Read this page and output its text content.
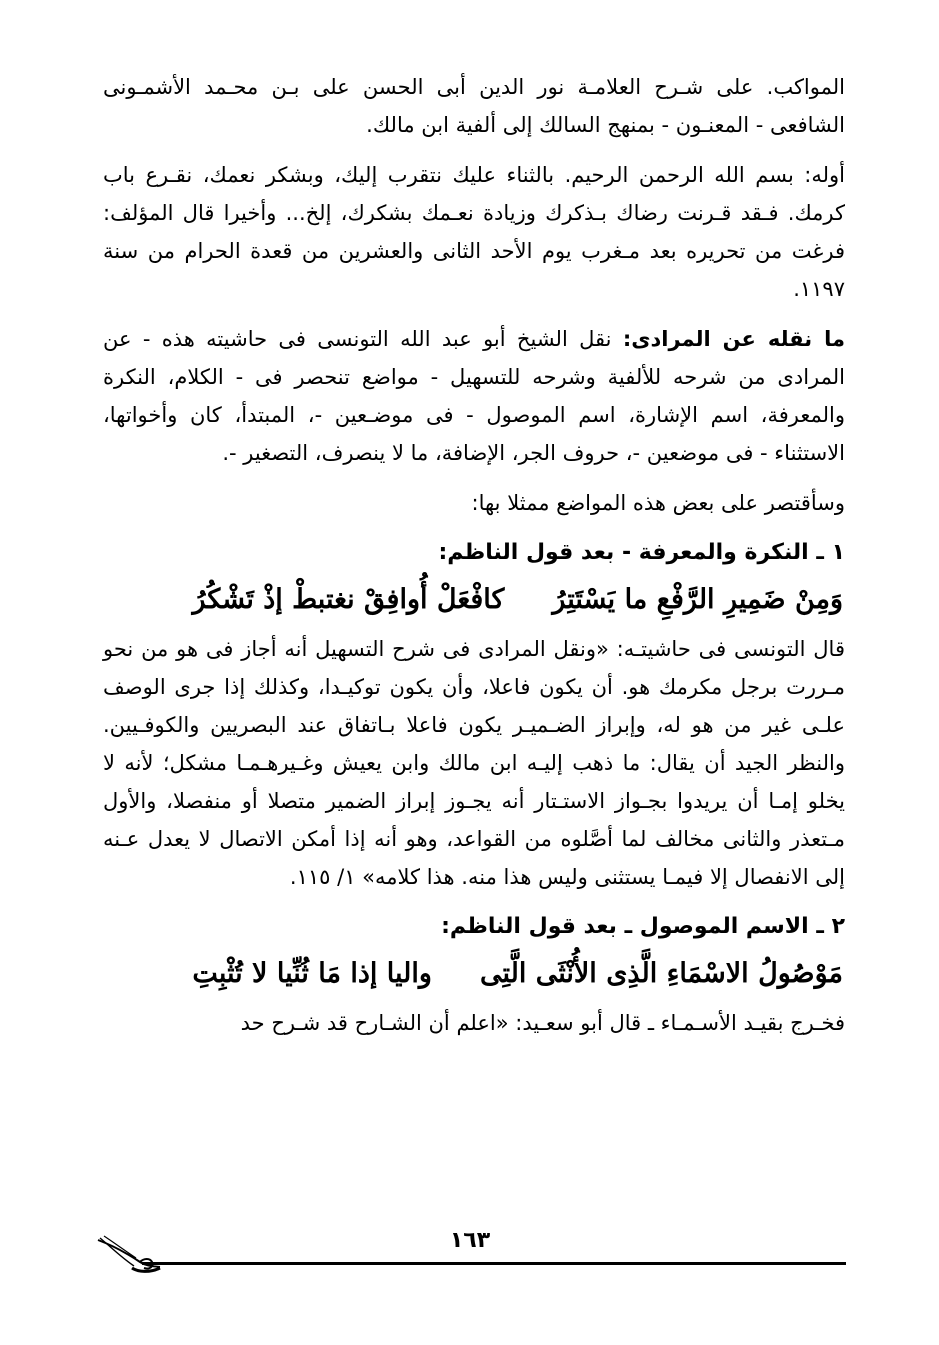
المواكب. على شـرح العلامـة نور الدين أبى الحسن على بـن محـمد الأشمـونى الشافعى - المعنـون - بمنهج السالك إلى ألفية ابن مالك.

أوله: بسم الله الرحمن الرحيم. بالثناء عليك نتقرب إليك، وبشكر نعمك، نقـرع باب كرمك. فـقد قـرنت رضاك بـذكرك وزيادة نعـمك بشكرك، إلخ... وأخيرا قال المؤلف: فرغت من تحريره بعد مـغرب يوم الأحد الثانى والعشرين من قعدة الحرام من سنة ١١٩٧.

ما نقله عن المرادى: نقل الشيخ أبو عبد الله التونسى فى حاشيته هذه - عن المرادى من شرحه للألفية وشرحه للتسهيل - مواضع تنحصر فى - الكلام، النكرة والمعرفة، اسم الإشارة، اسم الموصول - فى موضـعين -، المبتدأ، كان وأخواتها، الاستثناء - فى موضعين -، حروف الجر، الإضافة، ما لا ينصرف، التصغير -.

وسأقتصر على بعض هذه المواضع ممثلا بها:

١ ـ النكرة والمعرفة - بعد قول الناظم:
وَمِنْ ضَمِيرِ الرَّفْعِ ما يَسْتَتِرُ
كافْعَلْ أُوافِقْ نغتبطْ إذْ تَشْكُرُ

قال التونسى فى حاشيتـه: «ونقل المرادى فى شرح التسهيل أنه أجاز فى هو من نحو مـررت برجل مكرمك هو. أن يكون فاعلا، وأن يكون توكيـدا، وكذلك إذا جرى الوصف علـى غير من هو له، وإبراز الضـميـر يكون فاعلا بـاتفاق عند البصريين والكوفـيين. والنظر الجيد أن يقال: ما ذهب إليـه ابن مالك وابن يعيش وغـيرهـمـا مشكل؛ لأنه لا يخلو إمـا أن يريدوا بجـواز الاستـتار أنه يجـوز إبراز الضمير متصلا أو منفصلا، والأول مـتعذر والثانى مخالف لما أصَّلوه من القواعد، وهو أنه إذا أمكن الاتصال لا يعدل عـنه إلى الانفصال إلا فيمـا يستثنى وليس هذا منه. هذا كلامه» ١/ ١١٥.

٢ ـ الاسم الموصول ـ بعد قول الناظم:
مَوْصُولُ الاسْمَاءِ الَّذِى الأُنْثَى الَّتِى
واليا إذا مَا ثُنِّيا لا تُثْبِتِ

فخـرج بقيـد الأسـمـاء ـ قال أبو سعـيد: «اعلم أن الشـارح قد شـرح حد

١٦٣
